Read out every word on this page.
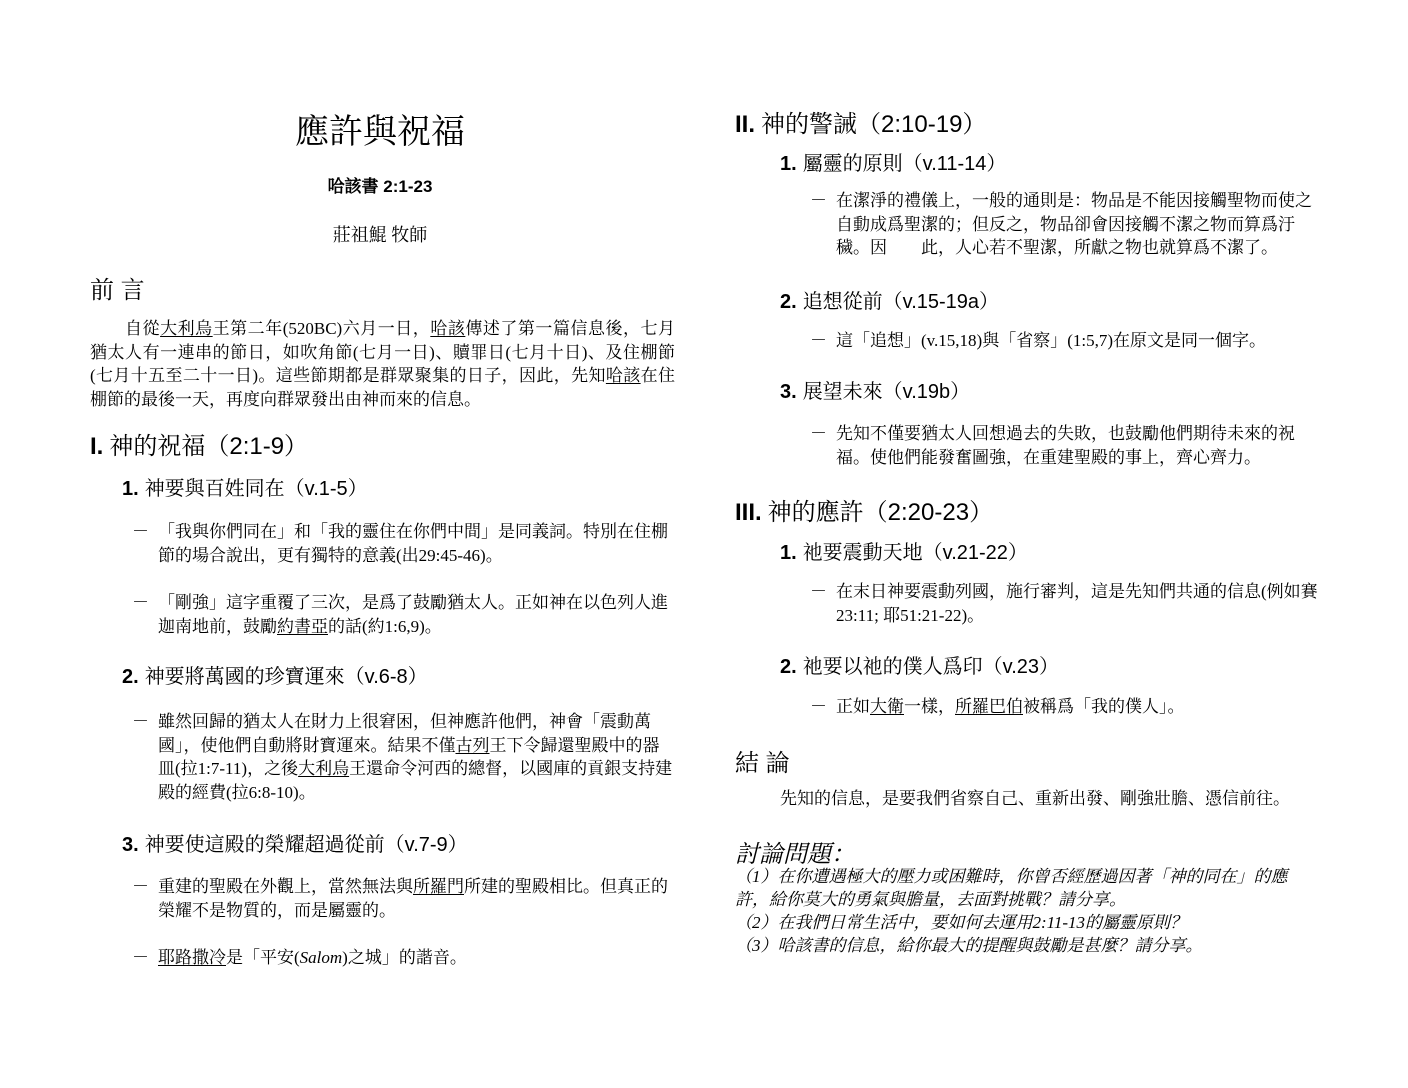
應許與祝福
哈該書 2:1-23
莊祖鯤 牧師
前 言
　　自從大利烏王第二年(520BC)六月一日，哈該傳述了第一篇信息後，七月猶太人有一連串的節日，如吹角節(七月一日)、贖罪日(七月十日)、及住棚節(七月十五至二十一日)。這些節期都是群眾聚集的日子，因此，先知哈該在住棚節的最後一天，再度向群眾發出由神而來的信息。
I. 神的祝福（2:1-9）
1. 神要與百姓同在（v.1-5）
－ 「我與你們同在」和「我的靈住在你們中間」是同義詞。特別在住棚節的場合說出，更有獨特的意義(出29:45-46)。
－ 「剛強」這字重覆了三次，是爲了鼓勵猶太人。正如神在以色列人進迦南地前，鼓勵約書亞的話(約1:6,9)。
2. 神要將萬國的珍寶運來（v.6-8）
－ 雖然回歸的猶太人在財力上很窘困，但神應許他們，神會「震動萬國」，使他們自動將財寶運來。結果不僅古列王下令歸還聖殿中的器皿(拉1:7-11)，之後大利烏王還命令河西的總督，以國庫的貢銀支持建殿的經費(拉6:8-10)。
3. 神要使這殿的榮耀超過從前（v.7-9）
－ 重建的聖殿在外觀上，當然無法與所羅門所建的聖殿相比。但真正的榮耀不是物質的，而是屬靈的。
－ 耶路撒冷是「平安(Salom)之城」的諧音。
II. 神的警誡（2:10-19）
1. 屬靈的原則（v.11-14）
－ 在潔淨的禮儀上，一般的通則是：物品是不能因接觸聖物而使之自動成爲聖潔的；但反之，物品卻會因接觸不潔之物而算爲汙穢。因　　此，人心若不聖潔，所獻之物也就算爲不潔了。
2. 追想從前（v.15-19a）
－ 這「追想」(v.15,18)與「省察」(1:5,7)在原文是同一個字。
3. 展望未來（v.19b）
－ 先知不僅要猶太人回想過去的失敗，也鼓勵他們期待未來的祝福。使他們能發奮圖強，在重建聖殿的事上，齊心齊力。
III. 神的應許（2:20-23）
1. 祂要震動天地（v.21-22）
－ 在末日神要震動列國，施行審判，這是先知們共通的信息(例如賽23:11; 耶51:21-22)。
2. 祂要以祂的僕人爲印（v.23）
－ 正如大衛一樣，所羅巴伯被稱爲「我的僕人」。
結 論
先知的信息，是要我們省察自己、重新出發、剛強壯膽、憑信前往。
討論問題：
（1）在你遭遇極大的壓力或困難時，你曾否經歷過因著「神的同在」的應許，給你莫大的勇氣與膽量，去面對挑戰？請分享。
（2）在我們日常生活中，要如何去運用2:11-13的屬靈原則？
（3）哈該書的信息，給你最大的提醒與鼓勵是甚麼？請分享。
